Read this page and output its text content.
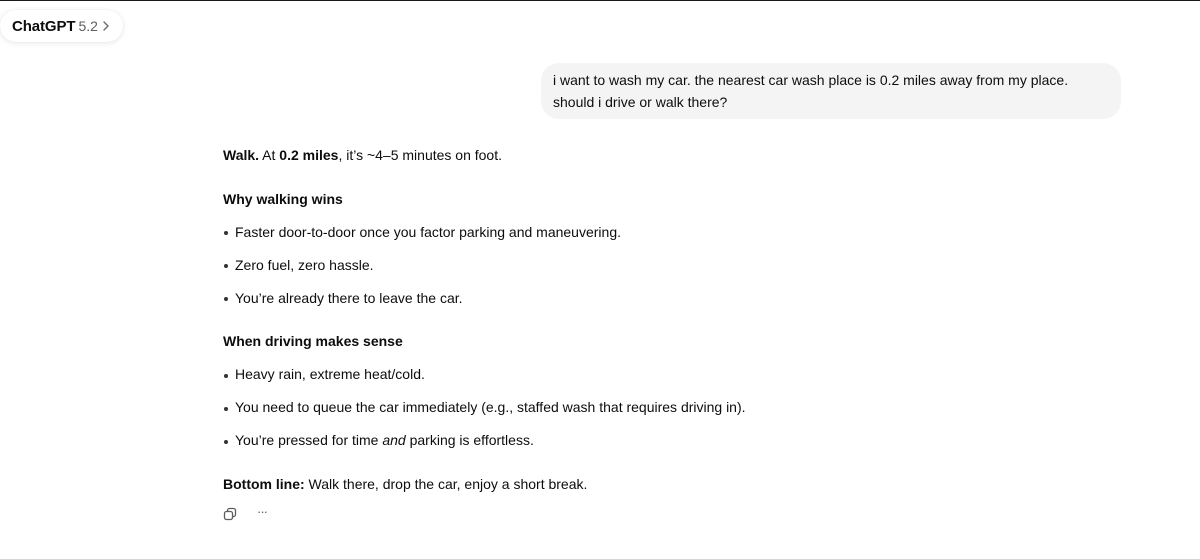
ChatGPT 5.2
i want to wash my car. the nearest car wash place is 0.2 miles away from my place. should i drive or walk there?
Walk. At 0.2 miles, it’s ~4–5 minutes on foot.
Why walking wins
Faster door-to-door once you factor parking and maneuvering.
Zero fuel, zero hassle.
You’re already there to leave the car.
When driving makes sense
Heavy rain, extreme heat/cold.
You need to queue the car immediately (e.g., staffed wash that requires driving in).
You’re pressed for time and parking is effortless.
Bottom line: Walk there, drop the car, enjoy a short break.
···
